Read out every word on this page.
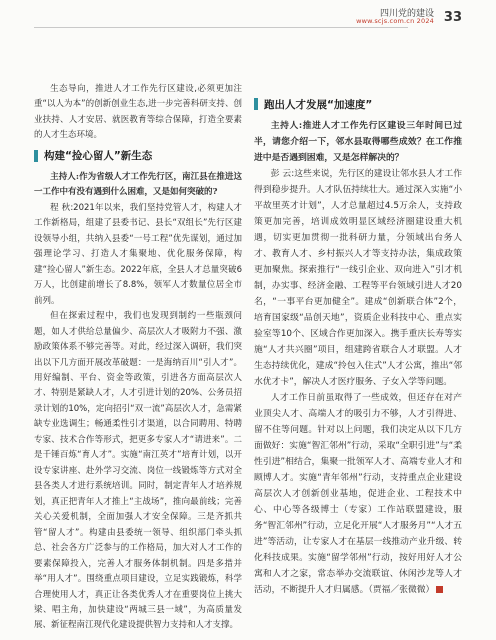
四川党的建设
www.scjs.com.cn 2024 33

生态导向，推进人才工作先行区建设,必须更加注重“以人为本”的创新创业生态,进一步完善科研支持、创业扶持、人才安居、就医教育等综合保障，打造全要素的人才生态环境。

构建“捡心留人”新生态

主持人:作为省级人才工作先行区，南江县在推进这一工作中有没有遇到什么困难，又是如何突破的?

程 秋:2021年以来，我们坚持党管人才，构建人才工作新格局，组建了县委书记、县长“双组长”先行区建设领导小组，共纳入县委“一号工程”优先谋划，通过加强理论学习、打造人才集聚地、优化服务保障，构建“捡心留人”新生态。2022年底，全县人才总量突破6万人，比创建前增长了8.8%，领军人才数量位居全市前列。

但在探索过程中，我们也发现到制约一些瓶颈问题，如人才供给总量偏少、高层次人才吸附力不强、激励政策体系不够完善等。对此，经过深入调研，我们突出以下几方面开展改革破题：一是海纳百川“引人才”。用好编制、平台、资金等政策，引进各方面高层次人才、特别是紧缺人才，人才引进计划的20%、公务员招录计划的10%，定向招引“双一流”高层次人才，急需紧缺专业选调生；畅通柔性引才渠道，以合同聘用、特聘专家、技术合作等形式，把更多专家人才“请进来”。二是千锤百炼“育人才”。实施“南江英才”培育计划，以开设专家讲座、赴外学习交流、岗位一线锻炼等方式对全县各类人才进行系统培训。同时，制定青年人才培养规划，真正把青年人才推上“主战场”，推向最前线；完善关心关爱机制，全面加强人才安全保障。三是齐抓共管“留人才”。构建由县委统一领导、组织部门牵头抓总、社会各方广泛参与的工作格局，加大对人才工作的要素保障投入，完善人才服务体制机制。四是多措并举“用人才”。围绕重点项目建设，立足实践锻炼，科学合理使用人才，真正让各类优秀人才在重要岗位上挑大梁、唱主角，加快建设“两城三县一域”，为高质量发展、新征程南江现代化建设提供智力支持和人才支撑。

跑出人才发展“加速度”

主持人:推进人才工作先行区建设三年时间已过半，请您介绍一下，邻水县取得哪些成效？在工作推进中是否遇到困难，又是怎样解决的？

彭 云:这些来说，先行区的建设让邻水县人才工作得到稳步提升。人才队伍持续壮大。通过深入实施“小平故里英才计划”，人才总量超过4.5万余人，支持政策更加完善，培训成效明显区域经济圈建设重大机遇，切实更加贯彻一批科研力量，分领域出台务人才、教育人才、乡村振兴人才等支持办法，集成政策更加聚焦。探索推行“一线引企业、双向进入”引才机制，办实事、经济金融、工程等平台领域引进人才20名，“一事平台更加健全”。建成“创新联合体”2个，培育国家级“品创天地”，资质企业科技中心、重点实验室等10个、区域合作更加深入。携手重庆长寿等实施“人才共兴圈”项目，组建跨省联合人才联盟。人才生态持续优化，建成“拎包入住式”人才公寓，推出“邻水优才卡”，解决人才医疗服务、子女入学等问题。

人才工作日前虽取得了一些成效，但还存在对产业顶尖人才、高端人才的吸引力不够，人才引得进、留不住等问题。针对以上问题，我们决定从以下几方面做好：实施“智汇邻州”行动，采取“全职引进”与“柔性引进”相结合，集聚一批领军人才、高端专业人才和顾博人才。实施“青年邻州”行动，支持重点企业建设高层次人才创新创业基地，促进企业、工程技术中心、中心等各级博士（专家）工作站联盟建设，服务“智汇邻州”行动，立足化开展“人才服务月”“人才五进”等活动，让专家人才在基层一线推动产业升级、转化科技成果。实施“留学邻州”行动，按好用好人才公寓和人才之家，常态举办交流联谊、休闲沙龙等人才活动，不断提升人才归属感。（贾福／张微微）
